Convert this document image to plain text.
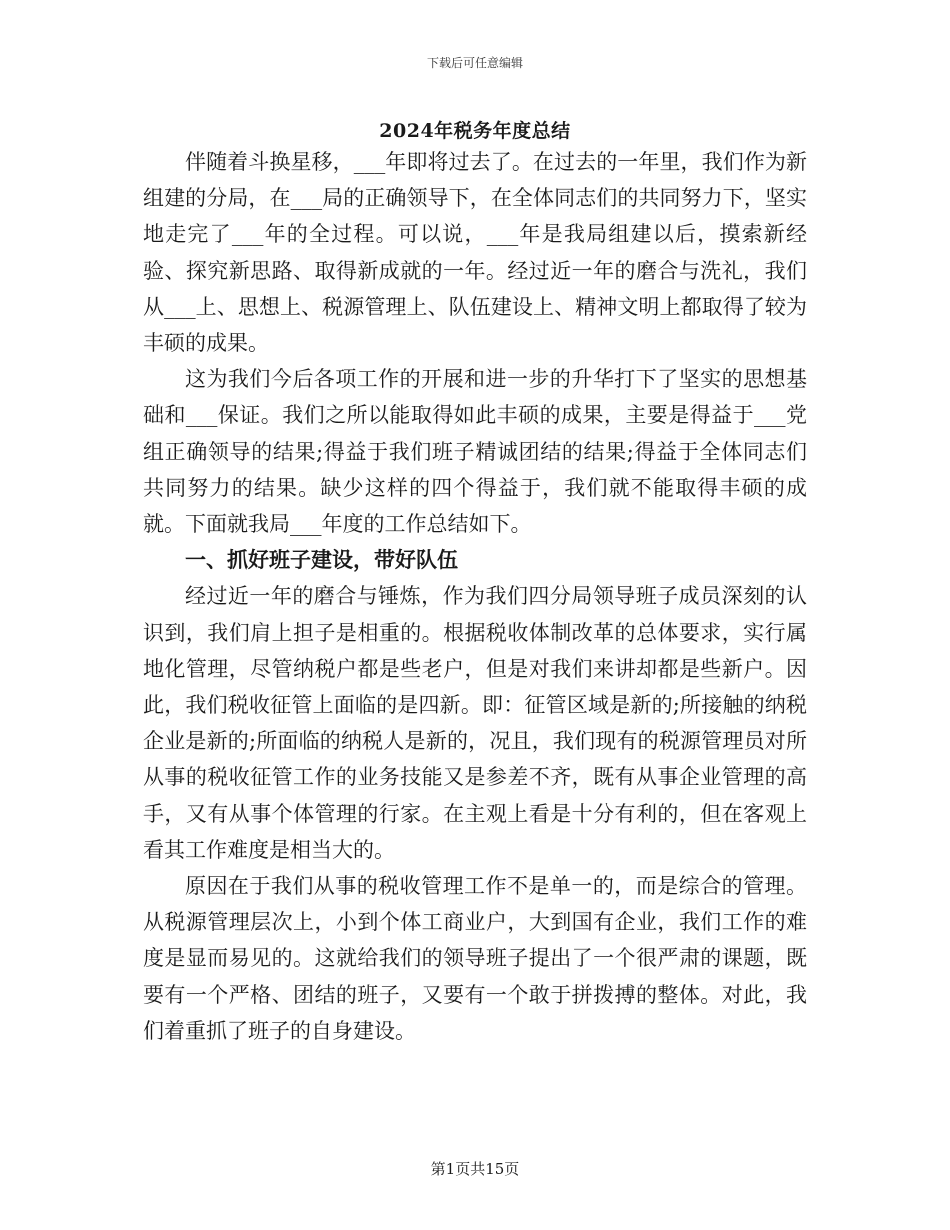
下载后可任意编辑
2024年税务年度总结

伴随着斗换星移，___年即将过去了。在过去的一年里，我们作为新组建的分局，在___局的正确领导下，在全体同志们的共同努力下，坚实地走完了___年的全过程。可以说，___年是我局组建以后，摸索新经验、探究新思路、取得新成就的一年。经过近一年的磨合与洗礼，我们从___上、思想上、税源管理上、队伍建设上、精神文明上都取得了较为丰硕的成果。

这为我们今后各项工作的开展和进一步的升华打下了坚实的思想基础和___保证。我们之所以能取得如此丰硕的成果，主要是得益于___党组正确领导的结果;得益于我们班子精诚团结的结果;得益于全体同志们共同努力的结果。缺少这样的四个得益于，我们就不能取得丰硕的成就。下面就我局___年度的工作总结如下。

一、抓好班子建设，带好队伍

经过近一年的磨合与锤炼，作为我们四分局领导班子成员深刻的认识到，我们肩上担子是相重的。根据税收体制改革的总体要求，实行属地化管理，尽管纳税户都是些老户，但是对我们来讲却都是些新户。因此，我们税收征管上面临的是四新。即：征管区域是新的;所接触的纳税企业是新的;所面临的纳税人是新的，况且，我们现有的税源管理员对所从事的税收征管工作的业务技能又是参差不齐，既有从事企业管理的高手，又有从事个体管理的行家。在主观上看是十分有利的，但在客观上看其工作难度是相当大的。

原因在于我们从事的税收管理工作不是单一的，而是综合的管理。从税源管理层次上，小到个体工商业户，大到国有企业，我们工作的难度是显而易见的。这就给我们的领导班子提出了一个很严肃的课题，既要有一个严格、团结的班子，又要有一个敢于拼拨搏的整体。对此，我们着重抓了班子的自身建设。

第1页共15页
